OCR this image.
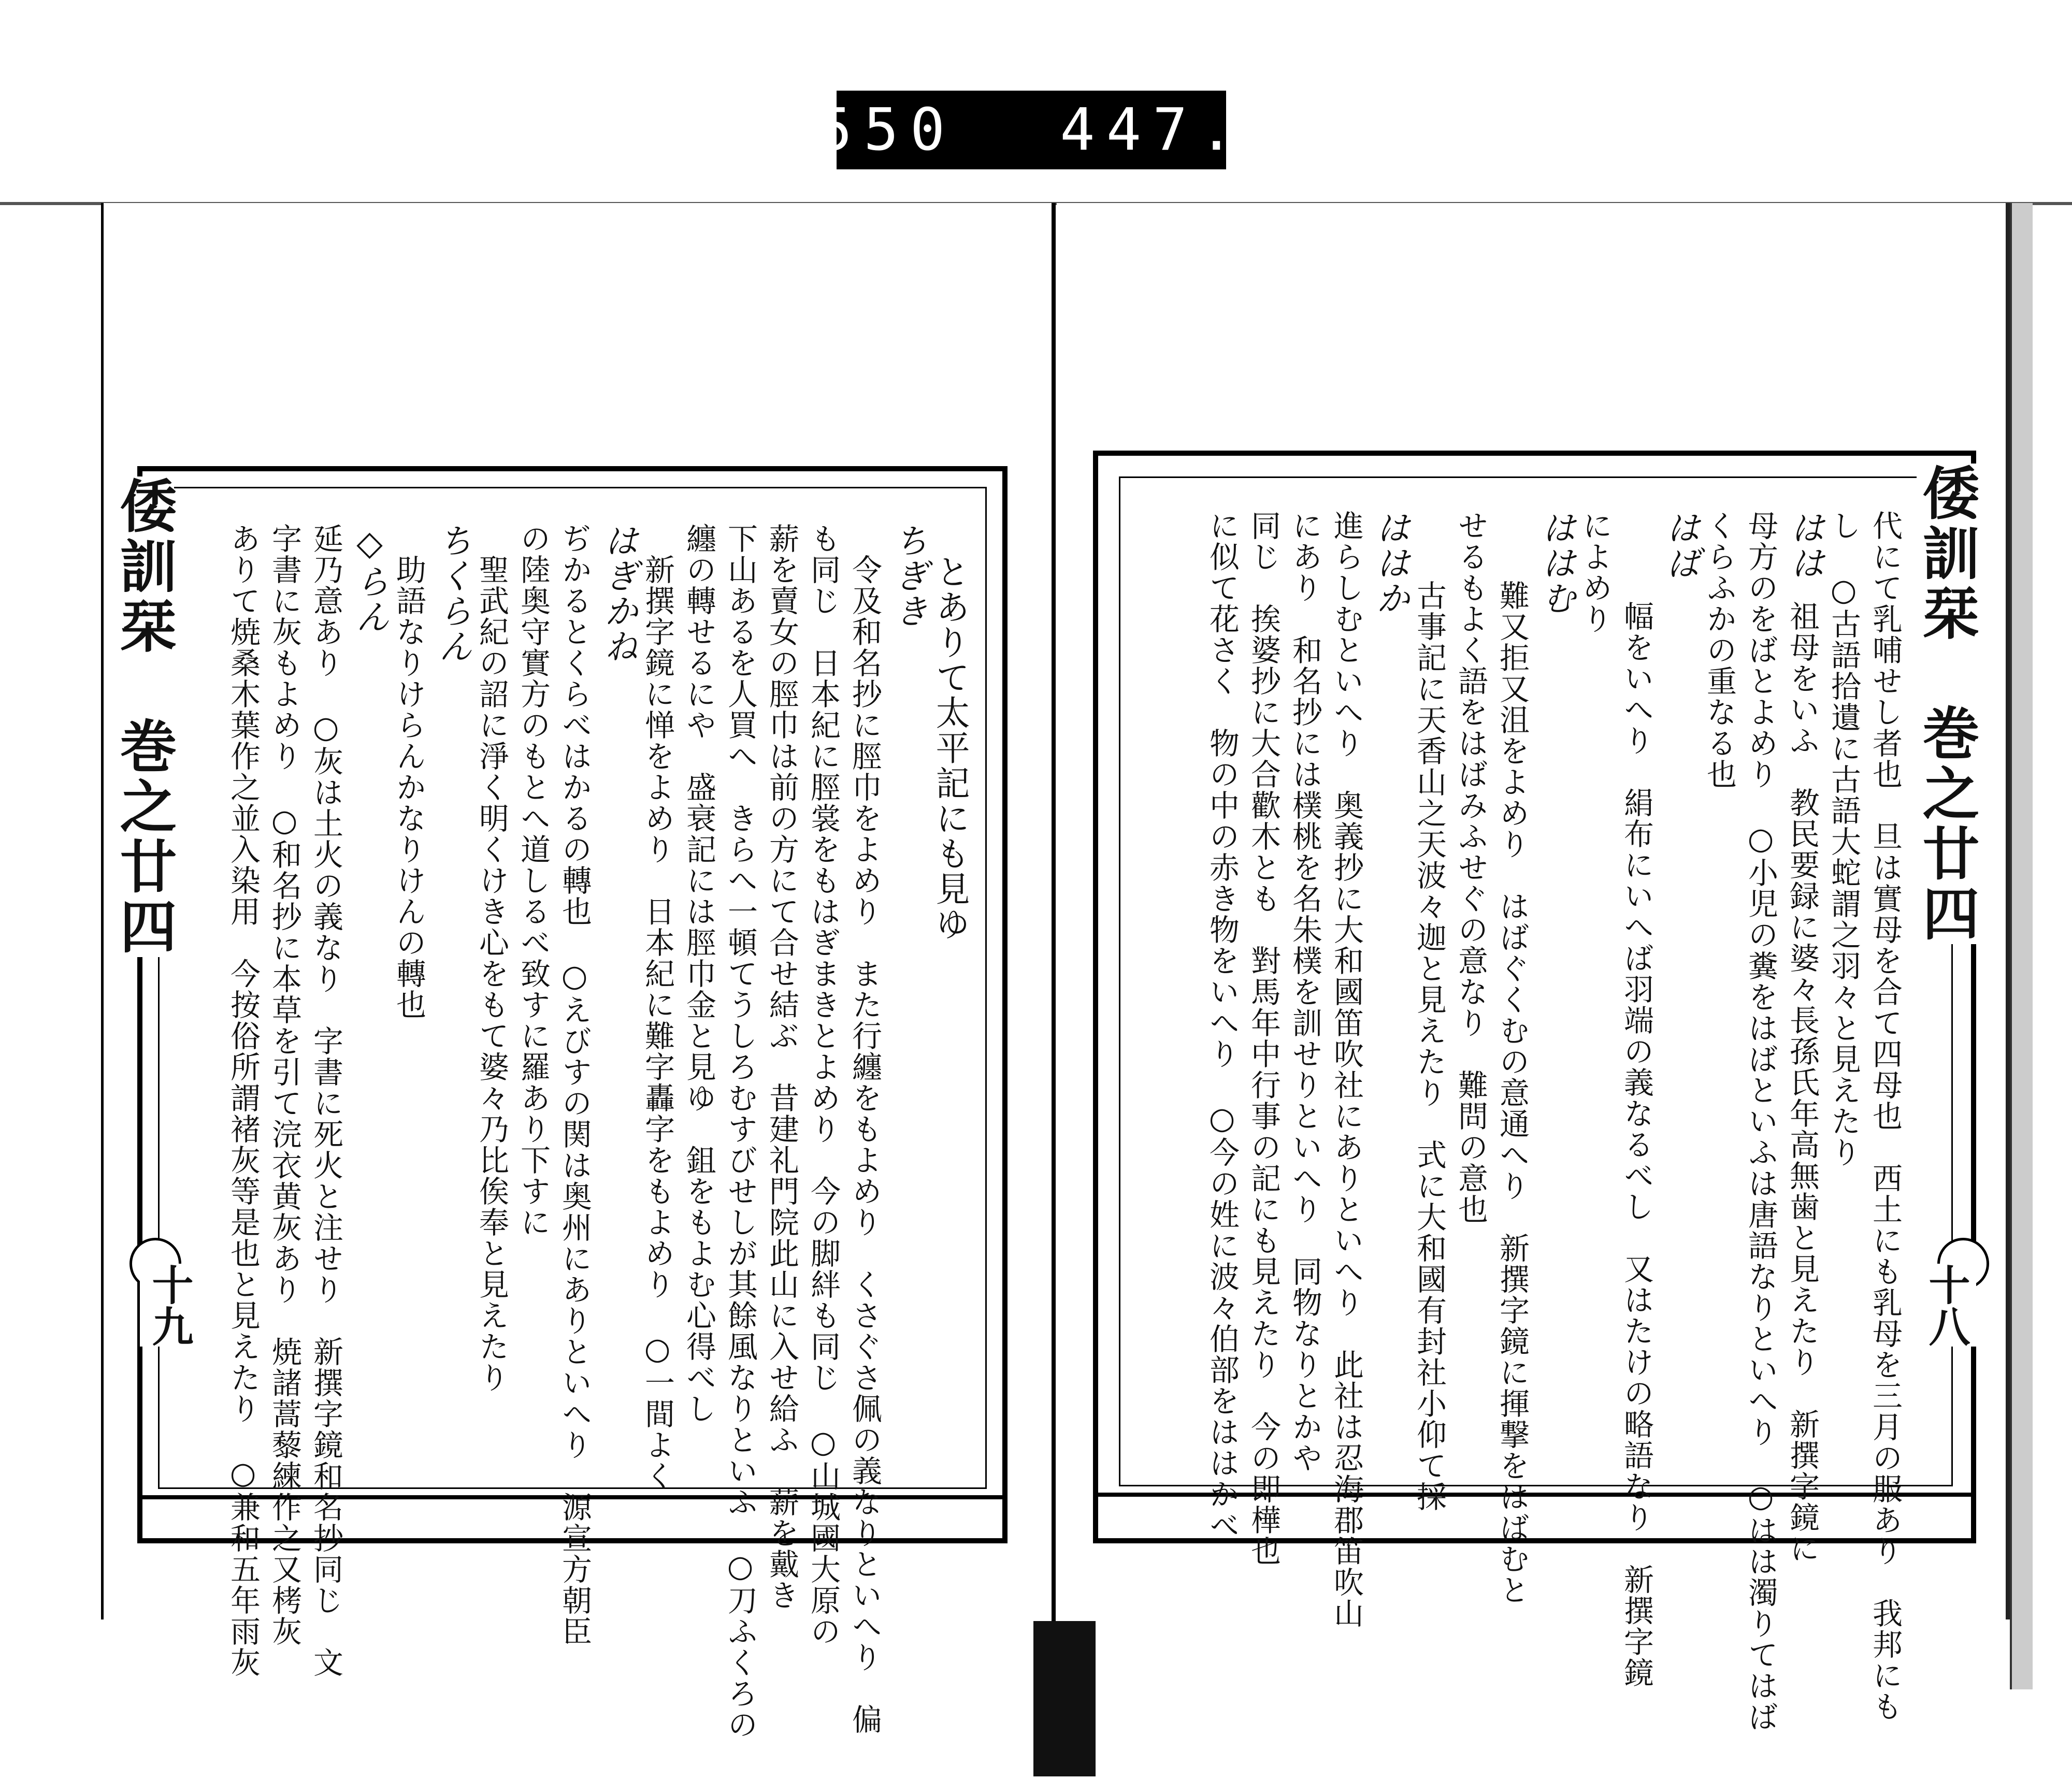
550 447.
倭訓栞　巻之廿四
十九
とありて太平記にも見ゆ
ちぎき
令及和名抄に脛巾をよめり　また行纏をもよめり　くさぐさ佩の義なりといへり　偏
も同じ　日本紀に脛裳をもはぎまきとよめり　今の脚絆も同じ　○山城國大原の
薪を賣女の脛巾は前の方にて合せ結ぶ　昔建礼門院此山に入せ給ふ　薪を戴き
下山あるを人買へ　きらへ一頓てうしろむすびせしが其餘風なりといふ　○刀ふくろの
纏の轉せるにや　盛衰記には脛巾金と見ゆ　鉏をもよむ心得べし
はぎかね 新撰字鏡に惮をよめり　日本紀に難字轟字をもよめり　○一間よく
ぢかるとくらべはかるの轉也　○えびすの関は奥州にありといへり　源宣方朝臣
の陸奥守實方のもとへ道しるべ致すに羅あり下すに
ちくらん 聖武紀の詔に淨く明くけき心をもて婆々乃比俟奉と見えたり
◇らん 助語なりけらんかなりけんの轉也
延乃意あり　○灰は土火の義なり　字書に死火と注せり　新撰字鏡和名抄同じ　文
字書に灰もよめり　○和名抄に本草を引て浣衣黄灰あり　焼諸蒿藜練作之又栲灰
ありて焼桑木葉作之並入染用　今按俗所謂褚灰等是也と見えたり　○兼和五年雨灰	倭訓栞　巻之廿四
十八
代にて乳哺せし者也　旦は實母を合て四母也　西土にも乳母を三月の服あり　我邦にも
し　○古語拾遺に古語大蛇謂之羽々と見えたり
はは
祖母をいふ　教民要録に婆々長孫氏年高無歯と見えたり　新撰字鏡に
母方のをばとよめり　○小児の糞をはばといふは唐語なりといへり　○はは濁りてはば
くらふかの重なる也
幅をいへり　絹布にいへば羽端の義なるべし　又はたけの略語なり　新撰字鏡
はば
によめり
ははむ
難又拒又沮をよめり　はばぐくむの意通へり　新撰字鏡に揮撃をはばむと
せるもよく語をはばみふせぐの意なり　難問の意也
ははか
古事記に天香山之天波々迦と見えたり　式に大和國有封社小仰て採
進らしむといへり　奥義抄に大和國笛吹社にありといへり　此社は忍海郡笛吹山
にあり　和名抄には樸桃を名朱樸を訓せりといへり　同物なりとかや
同じ　挨婆抄に大合歡木とも　對馬年中行事の記にも見えたり　今の即樺也
に似て花さく　物の中の赤き物をいへり　○今の姓に波々伯部をははかべ
